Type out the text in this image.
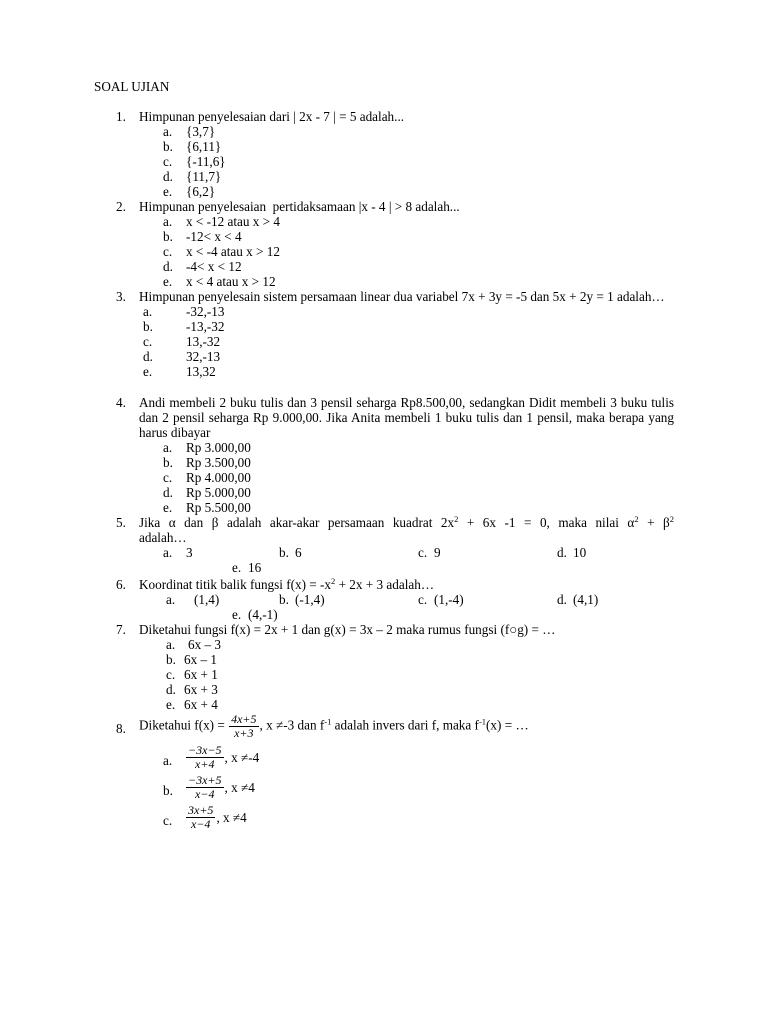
SOAL UJIAN
1. Himpunan penyelesaian dari | 2x - 7 | = 5 adalah...
a. {3,7}
b. {6,11}
c. {-11,6}
d. {11,7}
e. {6,2}
2. Himpunan penyelesaian  pertidaksamaan |x - 4 | > 8 adalah...
a. x < -12 atau x > 4
b. -12< x < 4
c. x < -4 atau x > 12
d. -4< x < 12
e. x < 4 atau x > 12
3. Himpunan penyelesain sistem persamaan linear dua variabel 7x + 3y = -5 dan 5x + 2y = 1 adalah…
a.	-32,-13
b.	-13,-32
c.	13,-32
d.	32,-13
e.	13,32
4. Andi membeli 2 buku tulis dan 3 pensil seharga Rp8.500,00, sedangkan Didit membeli 3 buku tulis dan 2 pensil seharga Rp 9.000,00. Jika Anita membeli 1 buku tulis dan 1 pensil, maka berapa yang harus dibayar
a. Rp 3.000,00
b. Rp 3.500,00
c. Rp 4.000,00
d. Rp 5.000,00
e. Rp 5.500,00
5. Jika α dan β adalah akar-akar persamaan kuadrat $2x^2 + 6x$ -1 = 0, maka nilai $\alpha^2 + \beta^2$
adalah…
a. 3	b. 6	c. 9	d. 10
e. 16
6. Koordinat titik balik fungsi $f(x) = -x^2 + 2x + 3$ adalah…
a. (1,4)	b. (-1,4)	c. (1,-4)	d. (4,1)
e. (4,-1)
7. Diketahui fungsi f(x) = 2x + 1 dan g(x) = 3x – 2 maka rumus fungsi (f○g) = …
a. 6x – 3
b. 6x – 1
c. 6x + 1
d. 6x + 3
e. 6x + 4
8. Diketahui $f(x) = \frac{4x+5}{x+3}$ , x ≠-3 dan $f^{-1}$ adalah invers dari f, maka $f^{-1}(x)$ = …
a. $\frac{-3x-5}{x+4}$ , x ≠-4
b. $\frac{-3x+5}{x-4}$ , x ≠4
c. $\frac{3x+5}{x-4}$ , x ≠4
